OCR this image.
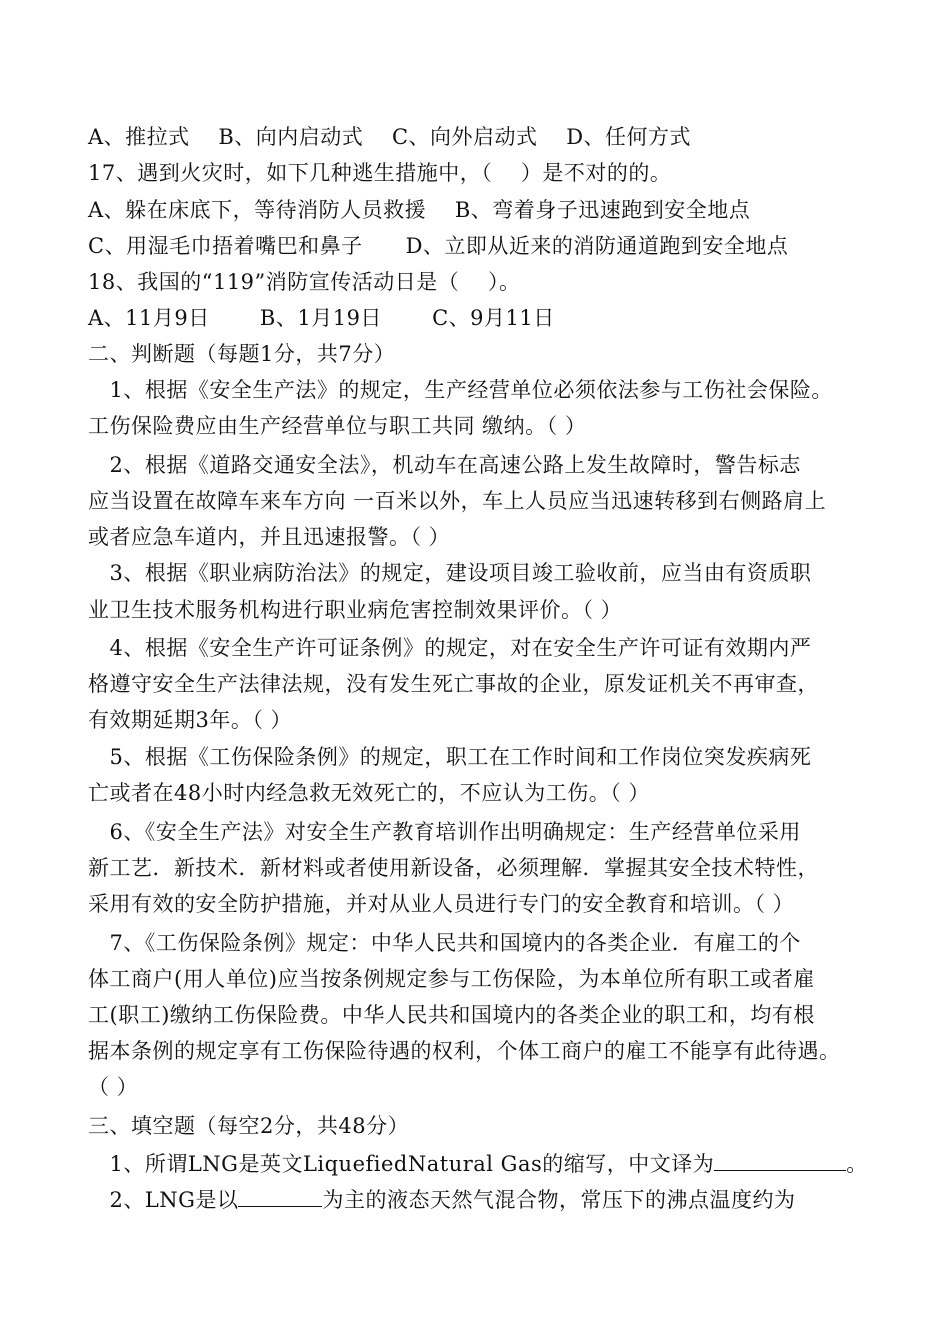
A、推拉式　 B、向内启动式　 C、向外启动式　 D、任何方式
17、遇到火灾时，如下几种逃生措施中，（　 ）是不对的的。
A、躲在床底下，等待消防人员救援　 B、弯着身子迅速跑到安全地点
C、用湿毛巾捂着嘴巴和鼻子　　D、立即从近来的消防通道跑到安全地点
18、我国的“119”消防宣传活动日是（　 ）。
A、11月9日　　 B、1月19日　　 C、9月11日
二、判断题（每题1分，共7分）
　1、根据《安全生产法》的规定，生产经营单位必须依法参与工伤社会保险。
工伤保险费应由生产经营单位与职工共同 缴纳。（ ）
　2、根据《道路交通安全法》，机动车在高速公路上发生故障时，警告标志
应当设置在故障车来车方向 一百米以外，车上人员应当迅速转移到右侧路肩上
或者应急车道内，并且迅速报警。（ ）
　3、根据《职业病防治法》的规定，建设项目竣工验收前，应当由有资质职
业卫生技术服务机构进行职业病危害控制效果评价。（ ）
　4、根据《安全生产许可证条例》的规定，对在安全生产许可证有效期内严
格遵守安全生产法律法规，没有发生死亡事故的企业，原发证机关不再审查，
有效期延期3年。（ ）
　5、根据《工伤保险条例》的规定，职工在工作时间和工作岗位突发疾病死
亡或者在48小时内经急救无效死亡的，不应认为工伤。（ ）
　6、《安全生产法》对安全生产教育培训作出明确规定：生产经营单位采用
新工艺．新技术．新材料或者使用新设备，必须理解．掌握其安全技术特性，
采用有效的安全防护措施，并对从业人员进行专门的安全教育和培训。（ ）
　7、《工伤保险条例》规定：中华人民共和国境内的各类企业．有雇工的个
体工商户(用人单位)应当按条例规定参与工伤保险，为本单位所有职工或者雇
工(职工)缴纳工伤保险费。中华人民共和国境内的各类企业的职工和，均有根
据本条例的规定享有工伤保险待遇的权利，个体工商户的雇工不能享有此待遇。
（ ）
三、填空题（每空2分，共48分）
　1、所谓LNG是英文LiquefiedNatural Gas的缩写，中文译为	。
　2、LNG是以	为主的液态天然气混合物，常压下的沸点温度约为
